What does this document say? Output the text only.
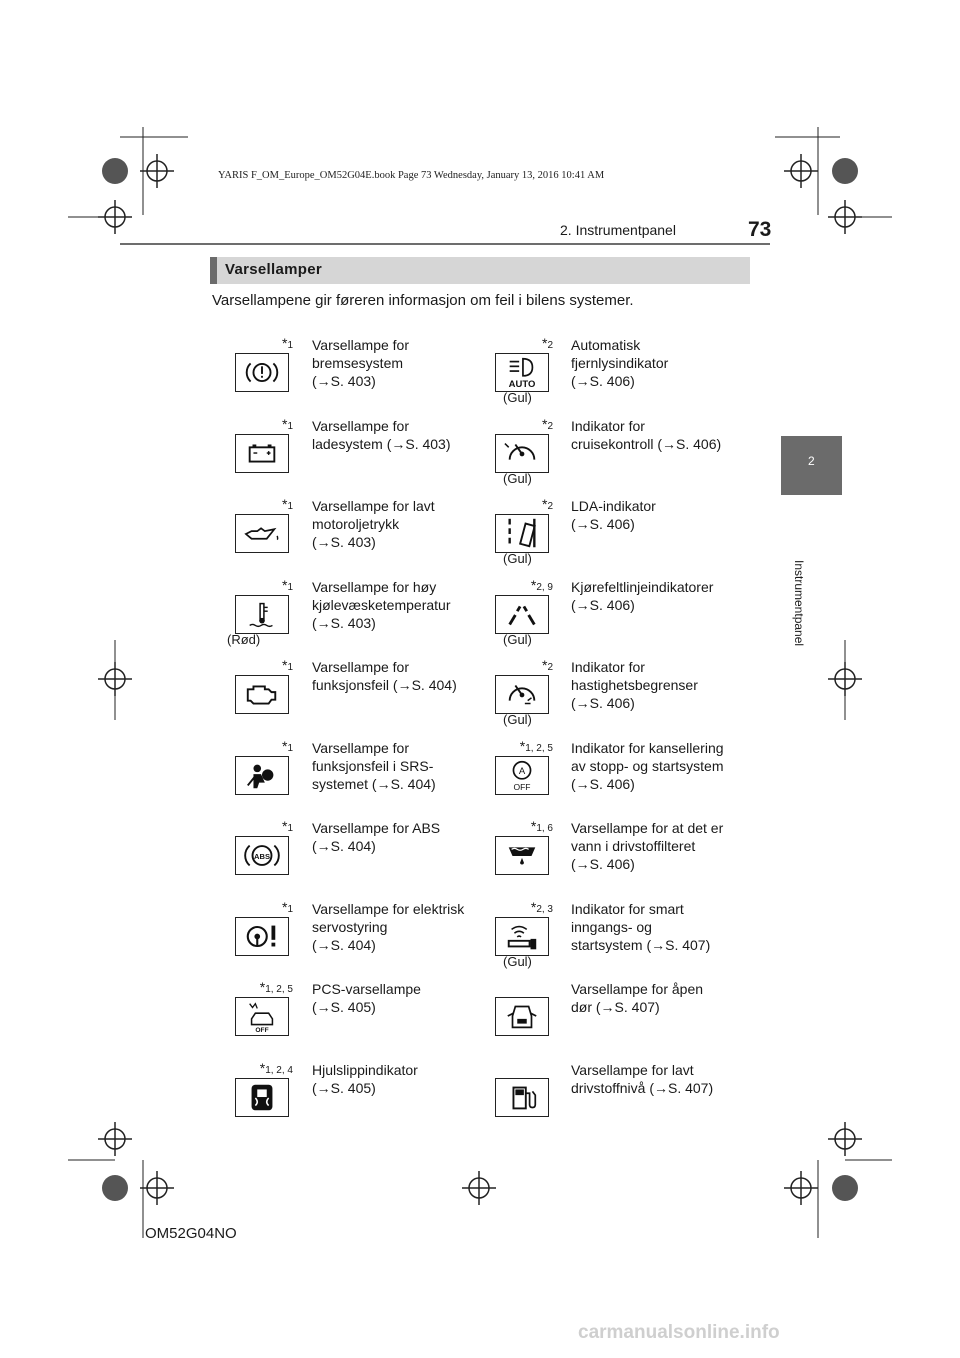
YARIS F_OM_Europe_OM52G04E.book Page 73 Wednesday, January 13, 2016 10:41 AM
2. Instrumentpanel	73
Varsellamper
Varsellampene gir føreren informasjon om feil i bilens systemer.
2
Instrumentpanel
*1 Varsellampe for
bremsesystem
(→S. 403)
*1 Varsellampe for
ladesystem (→S. 403)
*1 Varsellampe for lavt
motoroljetrykk
(→S. 403)
*1
(Rød)
Varsellampe for høy
kjølevæsketemperatur
(→S. 403)
*1 Varsellampe for
funksjonsfeil (→S. 404)
*1 Varsellampe for
funksjonsfeil i SRS-
systemet (→S. 404)
ABS
*1 Varsellampe for ABS
(→S. 404)
*1 Varsellampe for elektrisk
servostyring
(→S. 404)
OFF
*1, 2, 5 PCS-varsellampe
(→S. 405)
*1, 2, 4 Hjulslippindikator
(→S. 405)
AUTO
*2
(Gul)
Automatisk
fjernlysindikator
(→S. 406)
*2
(Gul)
Indikator for
cruisekontroll (→S. 406)
*2
(Gul)
LDA-indikator
(→S. 406)
*2, 9
(Gul)
Kjørefeltlinjeindikatorer
(→S. 406)
*2
(Gul)
Indikator for
hastighetsbegrenser
(→S. 406)
A
OFF
*1, 2, 5 Indikator for kansellering
av stopp- og startsystem
(→S. 406)
*1, 6 Varsellampe for at det er
vann i drivstoffilteret
(→S. 406)
*2, 3
(Gul)
Indikator for smart
inngangs- og
startsystem (→S. 407)
Varsellampe for åpen
dør (→S. 407)
Varsellampe for lavt
drivstoffnivå (→S. 407)
OM52G04NO
carmanualsonline.info
